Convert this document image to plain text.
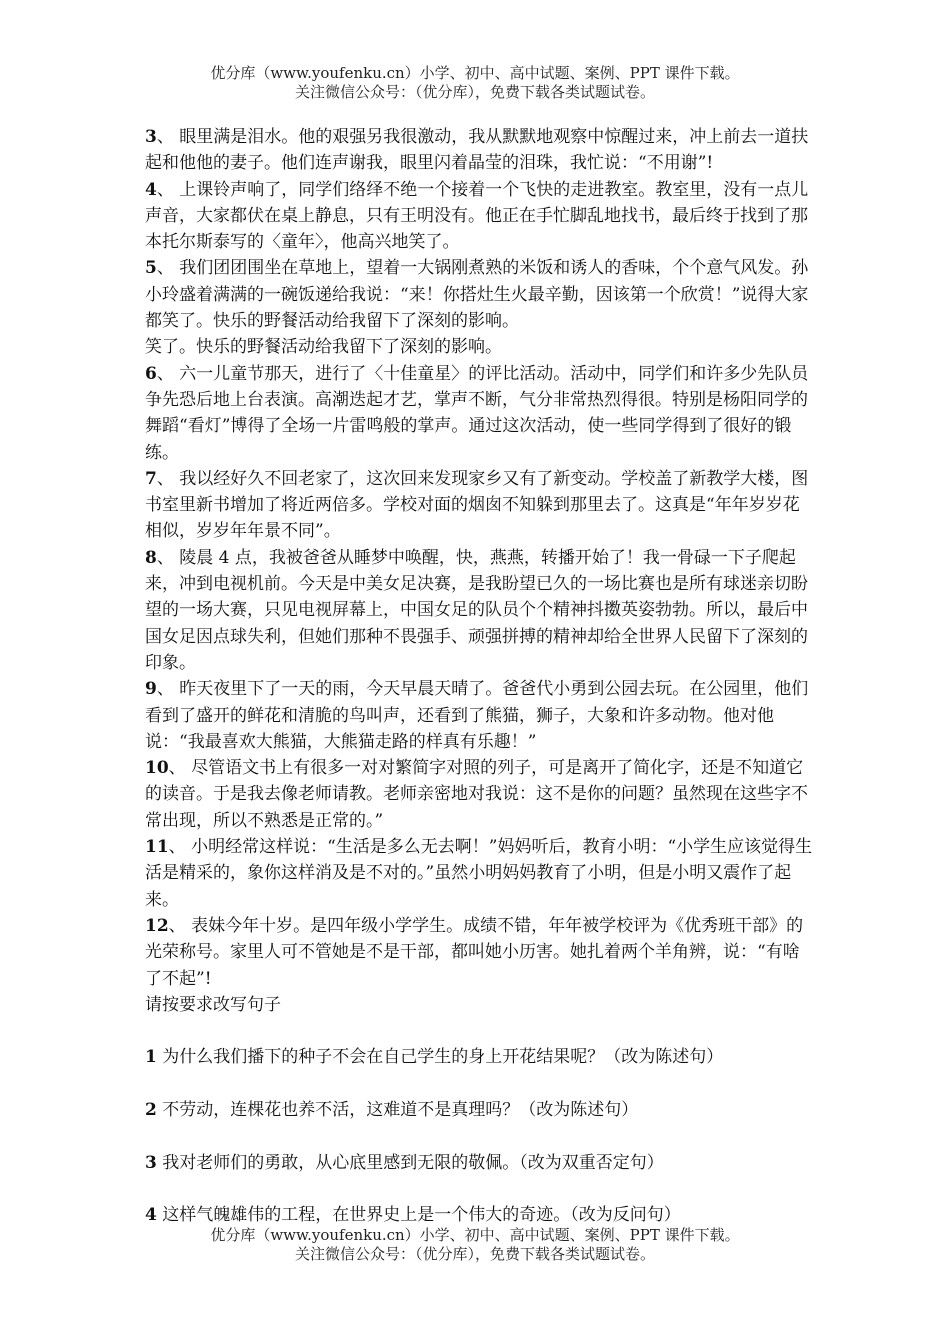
优分库（www.youfenku.cn）小学、初中、高中试题、案例、PPT 课件下载。
关注微信公众号：（优分库），免费下载各类试题试卷。

3、 眼里满是泪水。他的艰强另我很激动，我从默默地观察中惊醒过来，冲上前去一道扶起和他他的妻子。他们连声谢我，眼里闪着晶莹的泪珠，我忙说：“不用谢”!

4、 上课铃声响了，同学们络绎不绝一个接着一个飞快的走进教室。教室里，没有一点儿声音，大家都伏在桌上静息，只有王明没有。他正在手忙脚乱地找书，最后终于找到了那本托尔斯泰写的〈童年〉，他高兴地笑了。

5、 我们团团围坐在草地上，望着一大锅刚煮熟的米饭和诱人的香味，个个意气风发。孙小玲盛着满满的一碗饭递给我说：“来！你搭灶生火最辛勤，因该第一个欣赏！”说得大家都笑了。快乐的野餐活动给我留下了深刻的影响。

笑了。快乐的野餐活动给我留下了深刻的影响。

6、 六一儿童节那天，进行了〈十佳童星〉的评比活动。活动中，同学们和许多少先队员争先恐后地上台表演。高潮迭起才艺，掌声不断，气分非常热烈得很。特别是杨阳同学的舞蹈“看灯”博得了全场一片雷鸣般的掌声。通过这次活动，使一些同学得到了很好的锻练。

7、 我以经好久不回老家了，这次回来发现家乡又有了新变动。学校盖了新教学大楼，图书室里新书增加了将近两倍多。学校对面的烟囱不知躲到那里去了。这真是“年年岁岁花相似，岁岁年年景不同”。

8、 陵晨 4 点，我被爸爸从睡梦中唤醒，快，燕燕，转播开始了！我一骨碌一下子爬起来，冲到电视机前。今天是中美女足决赛，是我盼望已久的一场比赛也是所有球迷亲切盼望的一场大赛，只见电视屏幕上，中国女足的队员个个精神抖擞英姿勃勃。所以，最后中国女足因点球失利，但她们那种不畏强手、顽强拼搏的精神却给全世界人民留下了深刻的印象。

9、 昨天夜里下了一天的雨，今天早晨天晴了。爸爸代小勇到公园去玩。在公园里，他们看到了盛开的鲜花和清脆的鸟叫声，还看到了熊猫，狮子，大象和许多动物。他对他说：“我最喜欢大熊猫，大熊猫走路的样真有乐趣！”

10、 尽管语文书上有很多一对对繁简字对照的列子，可是离开了简化字，还是不知道它的读音。于是我去像老师请教。老师亲密地对我说：这不是你的问题？虽然现在这些字不常出现，所以不熟悉是正常的。”

11、 小明经常这样说：“生活是多么无去啊！”妈妈听后，教育小明：“小学生应该觉得生活是精采的，象你这样消及是不对的。”虽然小明妈妈教育了小明，但是小明又震作了起来。

12、 表妹今年十岁。是四年级小学学生。成绩不错，年年被学校评为《优秀班干部》的光荣称号。家里人可不管她是不是干部，都叫她小历害。她扎着两个羊角辨，说：“有啥了不起”!

请按要求改写句子

1 为什么我们播下的种子不会在自己学生的身上开花结果呢？（改为陈述句）

2 不劳动，连棵花也养不活，这难道不是真理吗？（改为陈述句）

3 我对老师们的勇敢，从心底里感到无限的敬佩。（改为双重否定句）

4 这样气魄雄伟的工程，在世界史上是一个伟大的奇迹。（改为反问句）

优分库（www.youfenku.cn）小学、初中、高中试题、案例、PPT 课件下载。
关注微信公众号：（优分库），免费下载各类试题试卷。
